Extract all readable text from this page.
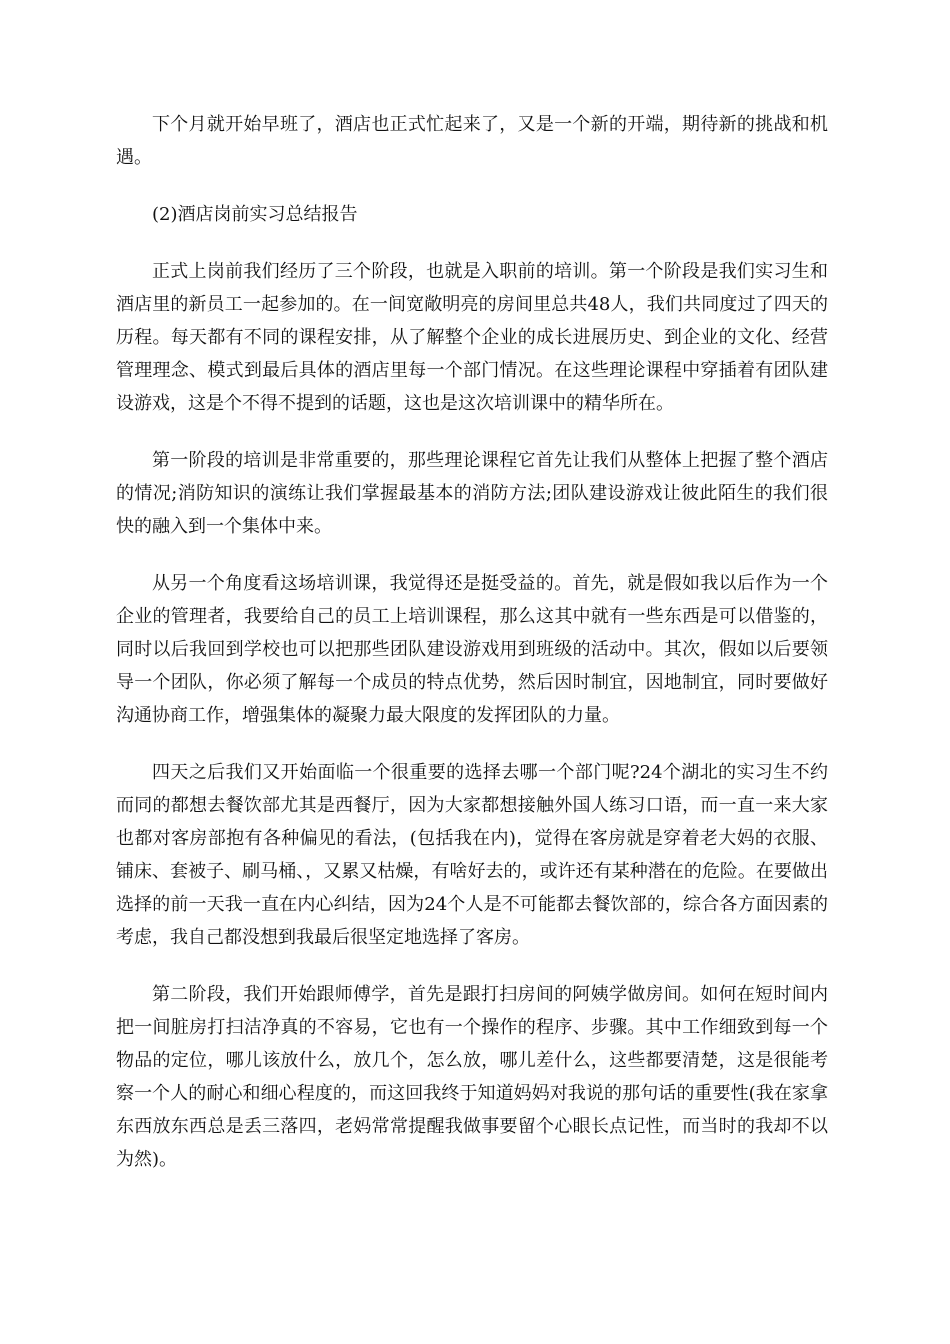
下个月就开始早班了，酒店也正式忙起来了，又是一个新的开端，期待新的挑战和机遇。

(2)酒店岗前实习总结报告

正式上岗前我们经历了三个阶段，也就是入职前的培训。第一个阶段是我们实习生和酒店里的新员工一起参加的。在一间宽敞明亮的房间里总共48人，我们共同度过了四天的历程。每天都有不同的课程安排，从了解整个企业的成长进展历史、到企业的文化、经营管理理念、模式到最后具体的酒店里每一个部门情况。在这些理论课程中穿插着有团队建设游戏，这是个不得不提到的话题，这也是这次培训课中的精华所在。

第一阶段的培训是非常重要的，那些理论课程它首先让我们从整体上把握了整个酒店的情况;消防知识的演练让我们掌握最基本的消防方法;团队建设游戏让彼此陌生的我们很快的融入到一个集体中来。

从另一个角度看这场培训课，我觉得还是挺受益的。首先，就是假如我以后作为一个企业的管理者，我要给自己的员工上培训课程，那么这其中就有一些东西是可以借鉴的，同时以后我回到学校也可以把那些团队建设游戏用到班级的活动中。其次，假如以后要领导一个团队，你必须了解每一个成员的特点优势，然后因时制宜，因地制宜，同时要做好沟通协商工作，增强集体的凝聚力最大限度的发挥团队的力量。

四天之后我们又开始面临一个很重要的选择去哪一个部门呢?24个湖北的实习生不约而同的都想去餐饮部尤其是西餐厅，因为大家都想接触外国人练习口语，而一直一来大家也都对客房部抱有各种偏见的看法，(包括我在内)，觉得在客房就是穿着老大妈的衣服、铺床、套被子、刷马桶、，又累又枯燥，有啥好去的，或许还有某种潜在的危险。在要做出选择的前一天我一直在内心纠结，因为24个人是不可能都去餐饮部的，综合各方面因素的考虑，我自己都没想到我最后很坚定地选择了客房。

第二阶段，我们开始跟师傅学，首先是跟打扫房间的阿姨学做房间。如何在短时间内把一间脏房打扫洁净真的不容易，它也有一个操作的程序、步骤。其中工作细致到每一个物品的定位，哪儿该放什么，放几个，怎么放，哪儿差什么，这些都要清楚，这是很能考察一个人的耐心和细心程度的，而这回我终于知道妈妈对我说的那句话的重要性(我在家拿东西放东西总是丢三落四，老妈常常提醒我做事要留个心眼长点记性，而当时的我却不以为然)。
